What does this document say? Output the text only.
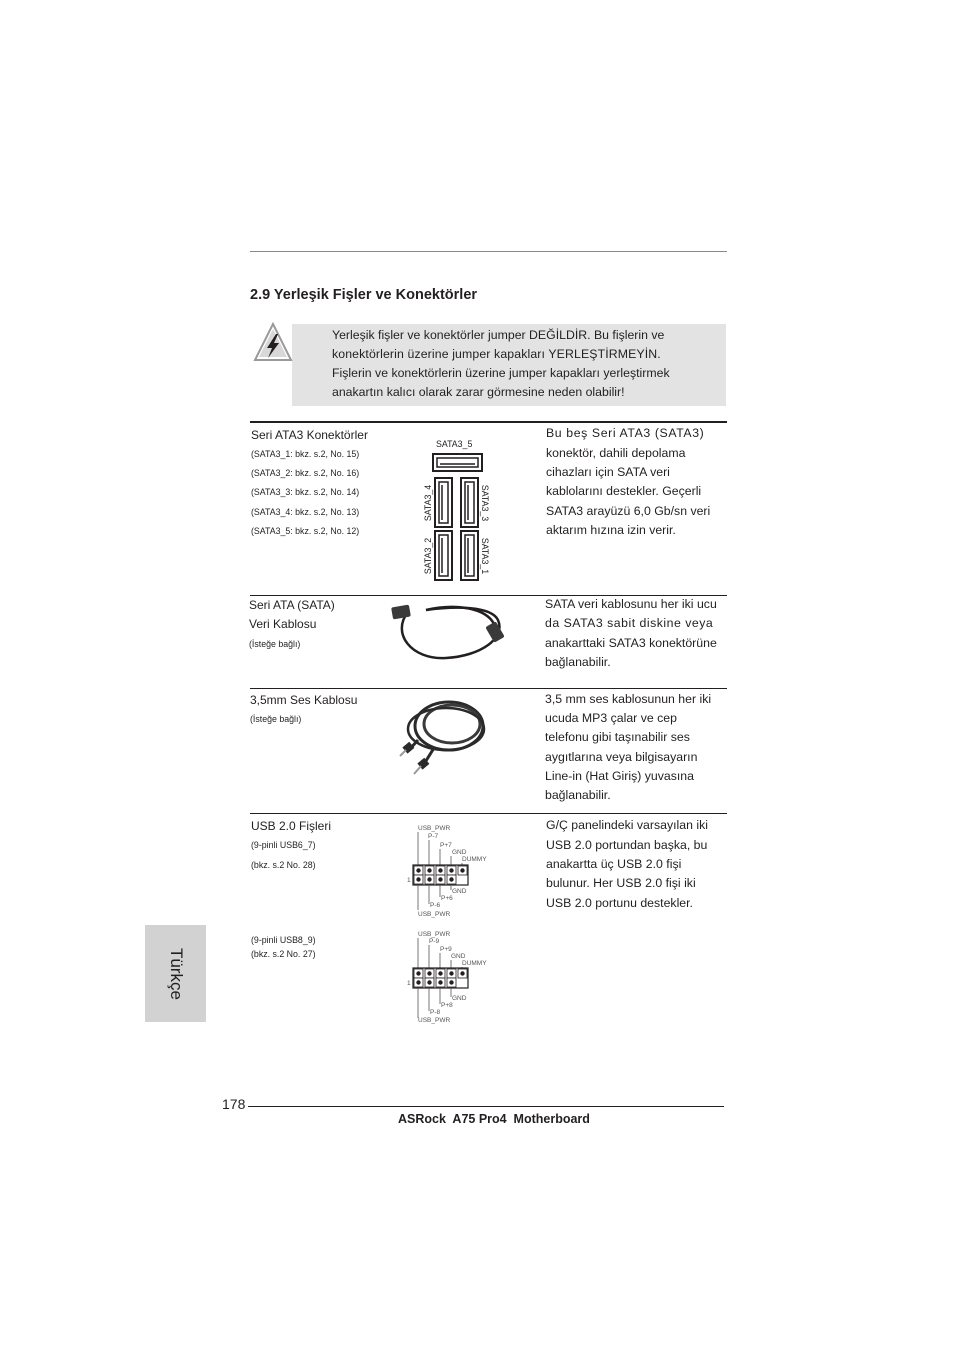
2.9 Yerleşik Fişler ve Konektörler
Yerleşik fişler ve konektörler jumper DEĞİLDİR. Bu fişlerin ve
konektörlerin üzerine jumper kapakları YERLEŞTİRMEYİN.
Fişlerin ve konektörlerin üzerine jumper kapakları yerleştirmek
anakartın kalıcı olarak zarar görmesine neden olabilir!
Seri ATA3 Konektörler
(SATA3_1: bkz. s.2, No. 15)
(SATA3_2: bkz. s.2, No. 16)
(SATA3_3: bkz. s.2, No. 14)
(SATA3_4: bkz. s.2, No. 13)
(SATA3_5: bkz. s.2, No. 12)
SATA3_5
SATA3_4	SATA3_3
SATA3_2	SATA3_1
Bu beş Seri ATA3 (SATA3)
konektör, dahili depolama
cihazları için SATA veri
kablolarını destekler. Geçerli
SATA3 arayüzü 6,0 Gb/sn veri
aktarım hızına izin verir.
Seri ATA (SATA)
Veri Kablosu
(İsteğe bağlı)
SATA veri kablosunu her iki ucu
da SATA3 sabit diskine veya
anakarttaki SATA3 konektörüne
bağlanabilir.
3,5mm Ses Kablosu
(İsteğe bağlı)
3,5 mm ses kablosunun her iki
ucuda MP3 çalar ve cep
telefonu gibi taşınabilir ses
aygıtlarına veya bilgisayarın
Line-in (Hat Giriş) yuvasına
bağlanabilir.
USB 2.0 Fişleri
(9-pinli USB6_7)
(bkz. s.2 No. 28)
USB_PWR
P-7
P+7
GND
DUMMY
1
GND
P+6
P-6
USB_PWR
G/Ç panelindeki varsayılan iki
USB 2.0 portundan başka, bu
anakartta üç USB 2.0 fişi
bulunur. Her USB 2.0 fişi iki
USB 2.0 portunu destekler.
(9-pinli USB8_9)
(bkz. s.2 No. 27)
USB_PWR
P-9
P+9
GND
DUMMY
1
GND
P+8
P-8
USB_PWR
Türkçe
178
ASRock  A75 Pro4  Motherboard
